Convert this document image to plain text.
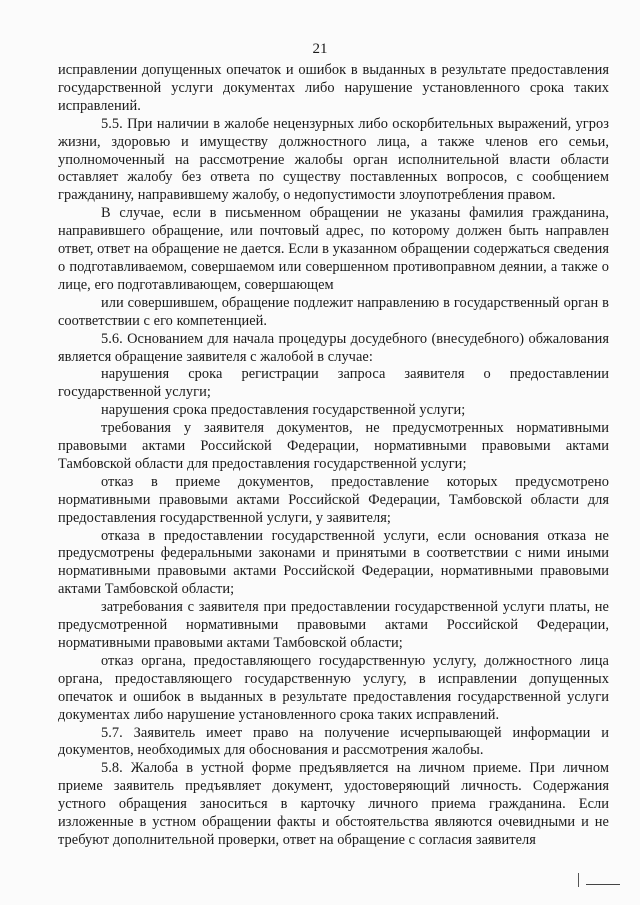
21

исправлении допущенных опечаток и ошибок в выданных в результате предоставления государственной услуги документах либо нарушение установленного срока таких исправлений.

5.5. При наличии в жалобе нецензурных либо оскорбительных выражений, угроз жизни, здоровью и имуществу должностного лица, а также членов его семьи, уполномоченный на рассмотрение жалобы орган исполнительной власти области оставляет жалобу без ответа по существу поставленных вопросов, с сообщением гражданину, направившему жалобу, о недопустимости злоупотребления правом.

В случае, если в письменном обращении не указаны фамилия гражданина, направившего обращение, или почтовый адрес, по которому должен быть направлен ответ, ответ на обращение не дается. Если в указанном обращении содержаться сведения о подготавливаемом, совершаемом или совершенном противоправном деянии, а также о лице, его подготавливающем, совершающем

или совершившем, обращение подлежит направлению в государственный орган в соответствии с его компетенцией.

5.6. Основанием для начала процедуры досудебного (внесудебного) обжалования является обращение заявителя с жалобой в случае:

нарушения срока регистрации запроса заявителя о предоставлении государственной услуги;

нарушения срока предоставления государственной услуги;

требования у заявителя документов, не предусмотренных нормативными правовыми актами Российской Федерации, нормативными правовыми актами Тамбовской области для предоставления государственной услуги;

отказ в приеме документов, предоставление которых предусмотрено нормативными правовыми актами Российской Федерации, Тамбовской области для предоставления государственной услуги, у заявителя;

отказа в предоставлении государственной услуги, если основания отказа не предусмотрены федеральными законами и принятыми в соответствии с ними иными нормативными правовыми актами Российской Федерации, нормативными правовыми актами Тамбовской области;

затребования с заявителя при предоставлении государственной услуги платы, не предусмотренной нормативными правовыми актами Российской Федерации, нормативными правовыми актами Тамбовской области;

отказ органа, предоставляющего государственную услугу, должностного лица органа, предоставляющего государственную услугу, в исправлении допущенных опечаток и ошибок в выданных в результате предоставления государственной услуги документах либо нарушение установленного срока таких исправлений.

5.7. Заявитель имеет право на получение исчерпывающей информации и документов, необходимых для обоснования и рассмотрения жалобы.

5.8. Жалоба в устной форме предъявляется на личном приеме. При личном приеме заявитель предъявляет документ, удостоверяющий личность. Содержания устного обращения заноситься в карточку личного приема гражданина. Если изложенные в устном обращении факты и обстоятельства являются очевидными и не требуют дополнительной проверки, ответ на обращение с согласия заявителя
